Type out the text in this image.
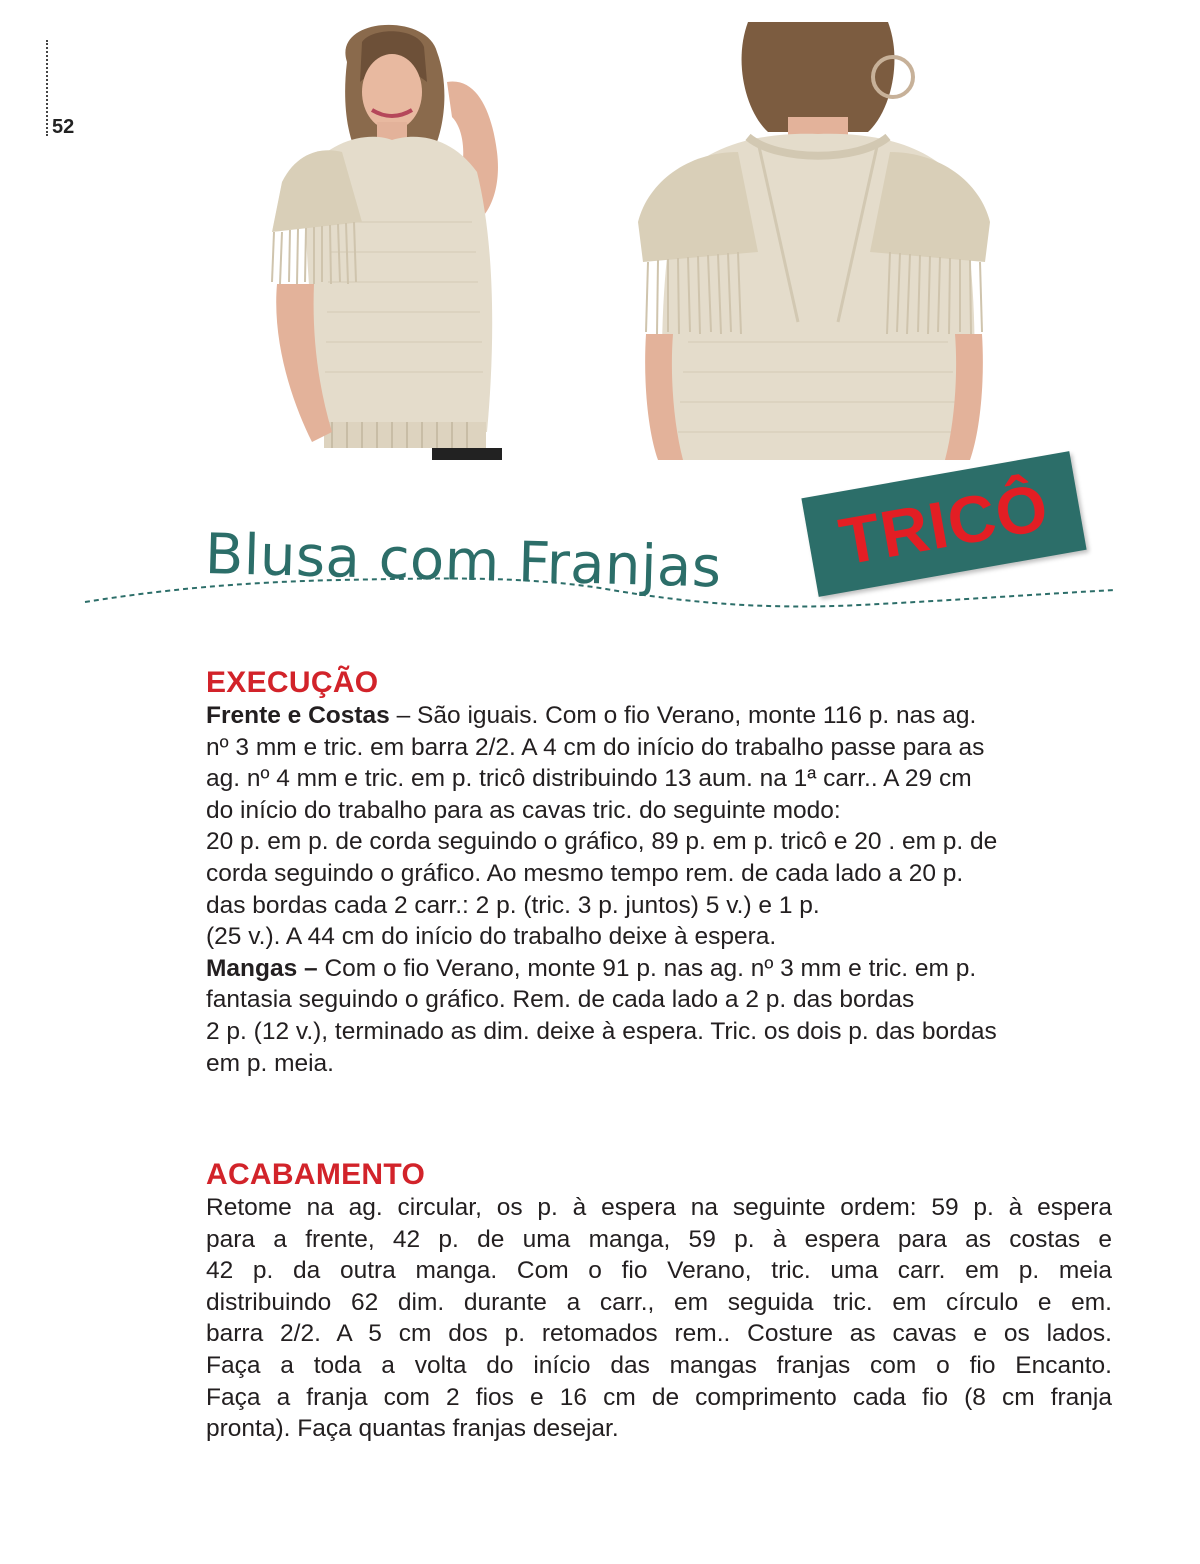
52
Blusa com Franjas TRICÔ
EXECUÇÃO
Frente e Costas – São iguais. Com o fio Verano, monte 116 p. nas ag.
nº 3 mm e tric. em barra 2/2. A 4 cm do início do trabalho passe para as
ag. nº 4 mm e tric. em p. tricô distribuindo 13 aum. na 1ª carr.. A 29 cm
do início do trabalho para as cavas tric. do seguinte modo:
20 p. em p. de corda seguindo o gráfico, 89 p. em p. tricô e 20 . em p. de
corda seguindo o gráfico. Ao mesmo tempo rem. de cada lado a 20 p.
das bordas cada 2 carr.: 2 p. (tric. 3 p. juntos) 5 v.) e 1 p.
(25 v.). A 44 cm do início do trabalho deixe à espera.
Mangas – Com o fio Verano, monte 91 p. nas ag. nº 3 mm e tric. em p.
fantasia seguindo o gráfico. Rem. de cada lado a 2 p. das bordas
2 p. (12 v.), terminado as dim. deixe à espera. Tric. os dois p. das bordas
em p. meia.
ACABAMENTO
Retome na ag. circular, os p. à espera na seguinte ordem: 59 p. à espera
para a frente, 42 p. de uma manga, 59 p. à espera para as costas e
42 p. da outra manga. Com o fio Verano, tric. uma carr. em p. meia
distribuindo 62 dim. durante a carr., em seguida tric. em círculo e em.
barra 2/2. A 5 cm dos p. retomados rem.. Costure as cavas e os lados.
Faça a toda a volta do início das mangas franjas com o fio Encanto.
Faça a franja com 2 fios e 16 cm de comprimento cada fio (8 cm franja
pronta). Faça quantas franjas desejar.
